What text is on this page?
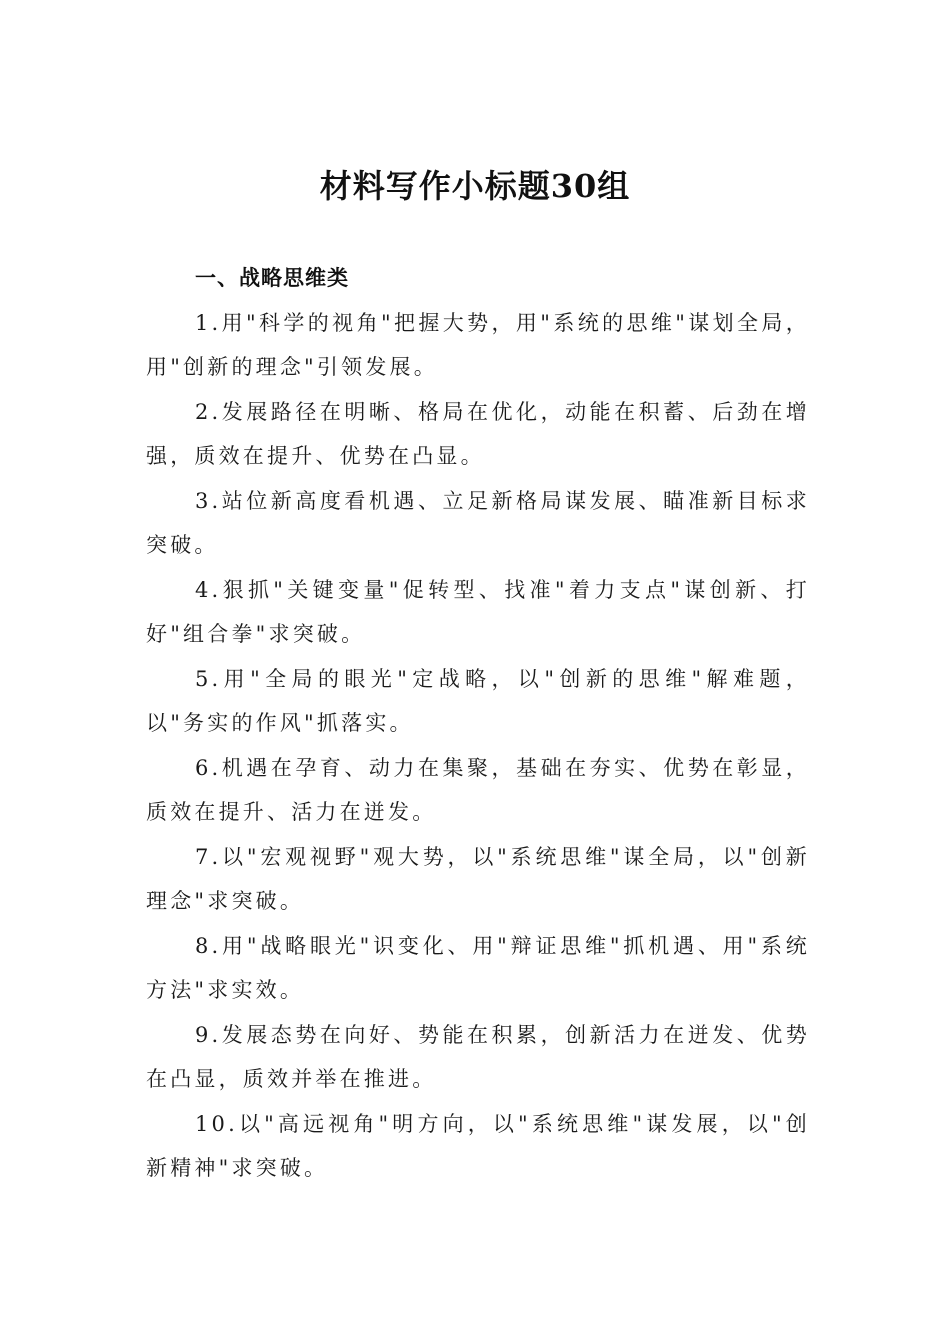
材料写作小标题30组

一、战略思维类

1.用"科学的视角"把握大势，用"系统的思维"谋划全局，用"创新的理念"引领发展。

2.发展路径在明晰、格局在优化，动能在积蓄、后劲在增强，质效在提升、优势在凸显。

3.站位新高度看机遇、立足新格局谋发展、瞄准新目标求突破。

4.狠抓"关键变量"促转型、找准"着力支点"谋创新、打好"组合拳"求突破。

5.用"全局的眼光"定战略，以"创新的思维"解难题，以"务实的作风"抓落实。

6.机遇在孕育、动力在集聚，基础在夯实、优势在彰显，质效在提升、活力在迸发。

7.以"宏观视野"观大势，以"系统思维"谋全局，以"创新理念"求突破。

8.用"战略眼光"识变化、用"辩证思维"抓机遇、用"系统方法"求实效。

9.发展态势在向好、势能在积累，创新活力在迸发、优势在凸显，质效并举在推进。

10.以"高远视角"明方向，以"系统思维"谋发展，以"创新精神"求突破。
